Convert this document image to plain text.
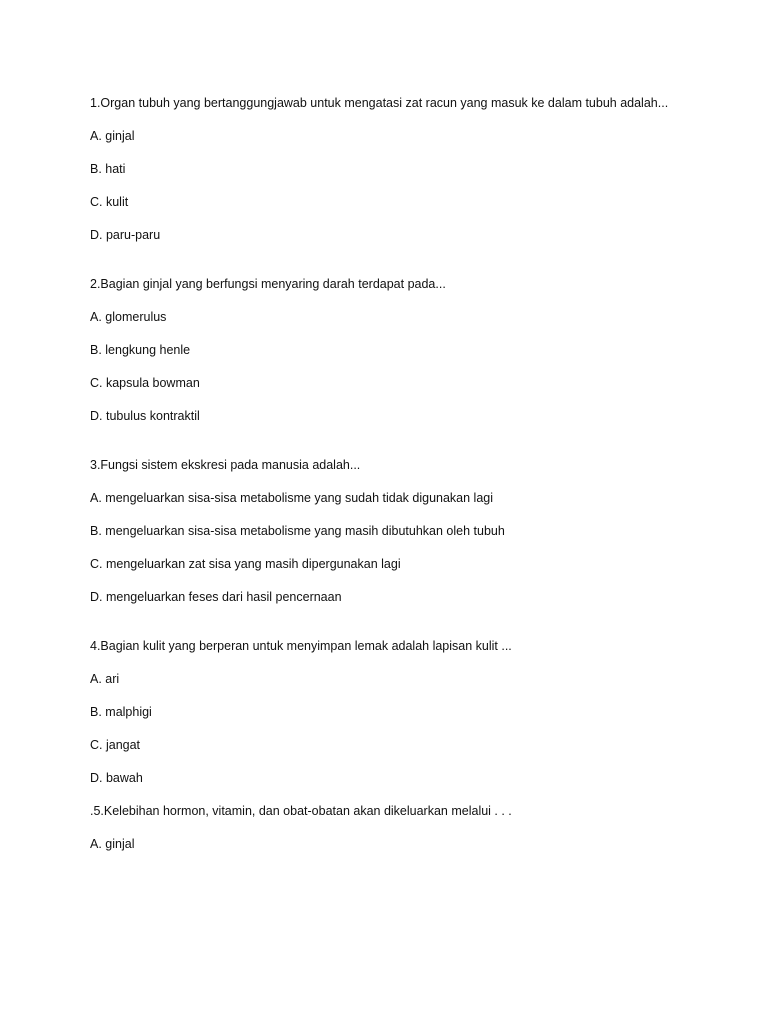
1.Organ tubuh yang bertanggungjawab untuk mengatasi zat racun yang masuk ke dalam tubuh adalah...
A. ginjal
B. hati
C. kulit
D. paru-paru
2.Bagian ginjal yang berfungsi menyaring darah terdapat pada...
A. glomerulus
B. lengkung henle
C. kapsula bowman
D. tubulus kontraktil
3.Fungsi sistem ekskresi pada manusia adalah...
A. mengeluarkan sisa-sisa metabolisme yang sudah tidak digunakan lagi
B. mengeluarkan sisa-sisa metabolisme yang masih dibutuhkan oleh tubuh
C. mengeluarkan zat sisa yang masih dipergunakan lagi
D. mengeluarkan feses dari hasil pencernaan
4.Bagian kulit yang berperan untuk menyimpan lemak adalah lapisan kulit ...
A. ari
B. malphigi
C. jangat
D. bawah
.5.Kelebihan hormon, vitamin, dan obat-obatan akan dikeluarkan melalui . . .
A. ginjal
